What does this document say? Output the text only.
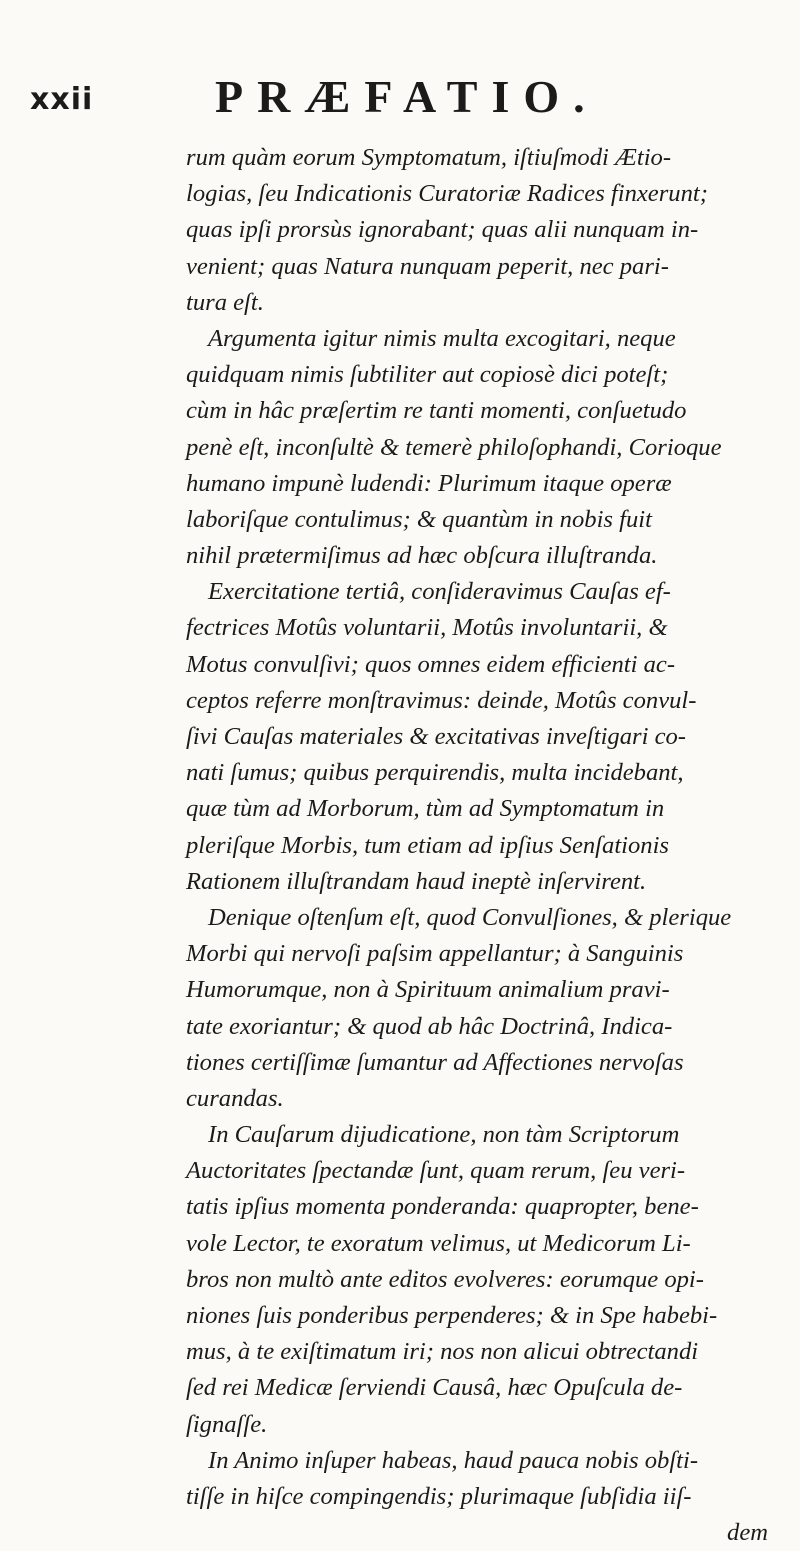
xxii	PRÆFATIO.
rum quàm eorum Symptomatum, iſtiuſmodi Ætio-
logias, ſeu Indicationis Curatoriæ Radices finxerunt;
quas ipſi prorsùs ignorabant; quas alii nunquam in-
venient; quas Natura nunquam peperit, nec pari-
tura eſt.
Argumenta igitur nimis multa excogitari, neque
quidquam nimis ſubtiliter aut copiosè dici poteſt;
cùm in hâc præſertim re tanti momenti, conſuetudo
penè eſt, inconſultè & temerè philoſophandi, Corioque
humano impunè ludendi: Plurimum itaque operæ
laboriſque contulimus; & quantùm in nobis fuit
nihil prætermiſimus ad hæc obſcura illuſtranda.
Exercitatione tertiâ, conſideravimus Cauſas ef-
fectrices Motûs voluntarii, Motûs involuntarii, &
Motus convulſivi; quos omnes eidem efficienti ac-
ceptos referre monſtravimus: deinde, Motûs convul-
ſivi Cauſas materiales & excitativas inveſtigari co-
nati ſumus; quibus perquirendis, multa incidebant,
quæ tùm ad Morborum, tùm ad Symptomatum in
pleriſque Morbis, tum etiam ad ipſius Senſationis
Rationem illuſtrandam haud ineptè inſervirent.
Denique oſtenſum eſt, quod Convulſiones, & plerique
Morbi qui nervoſi paſsim appellantur; à Sanguinis
Humorumque, non à Spirituum animalium pravi-
tate exoriantur; & quod ab hâc Doctrinâ, Indica-
tiones certiſſimæ ſumantur ad Affectiones nervoſas
curandas.
In Cauſarum dijudicatione, non tàm Scriptorum
Auctoritates ſpectandæ ſunt, quam rerum, ſeu veri-
tatis ipſius momenta ponderanda: quapropter, bene-
vole Lector, te exoratum velimus, ut Medicorum Li-
bros non multò ante editos evolveres: eorumque opi-
niones ſuis ponderibus perpenderes; & in Spe habebi-
mus, à te exiſtimatum iri; nos non alicui obtrectandi
ſed rei Medicæ ſerviendi Causâ, hæc Opuſcula de-
ſignaſſe.
In Animo inſuper habeas, haud pauca nobis obſti-
tiſſe in hiſce compingendis; plurimaque ſubſidia iiſ-
dem
